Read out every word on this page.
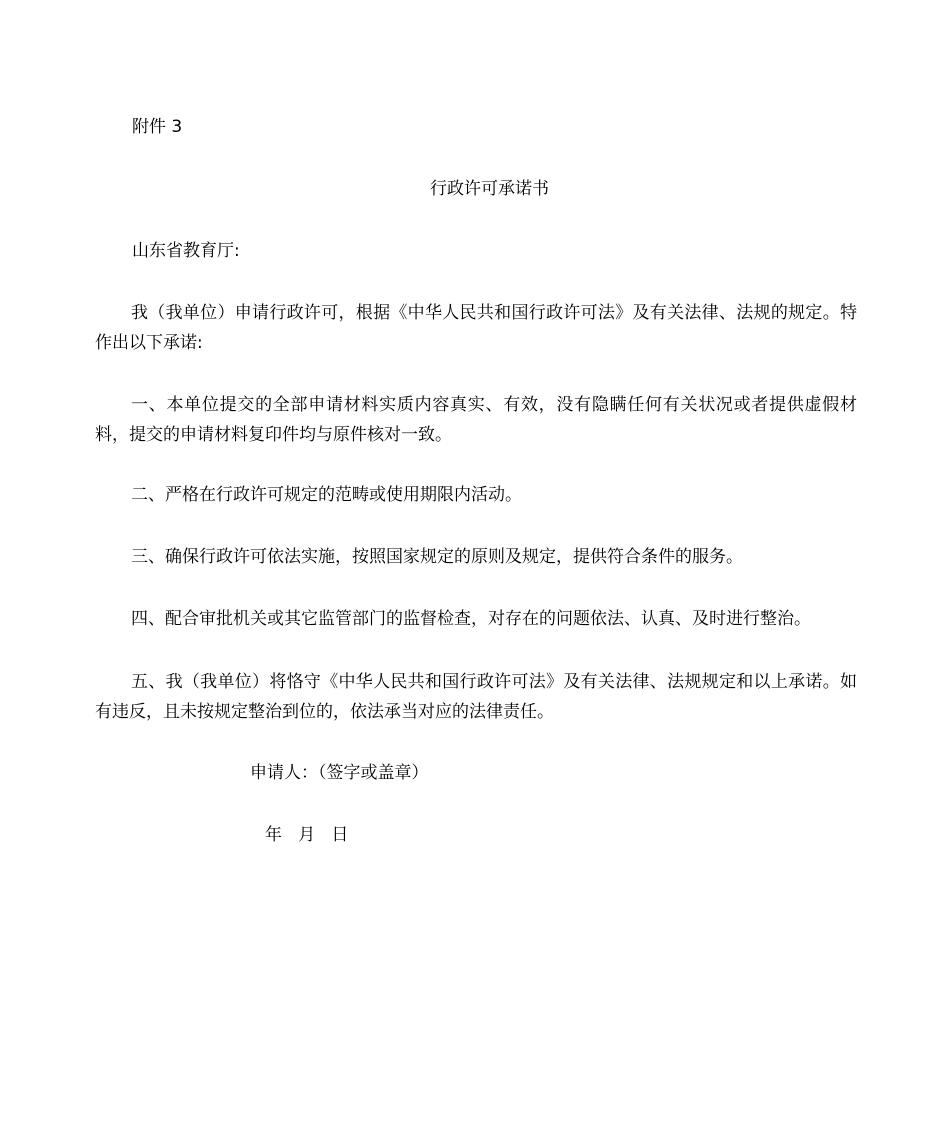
附件 3
行政许可承诺书
山东省教育厅:
我（我单位）申请行政许可，根据《中华人民共和国行政许可法》及有关法律、法规的规定。特作出以下承诺:
一、本单位提交的全部申请材料实质内容真实、有效，没有隐瞒任何有关状况或者提供虚假材料，提交的申请材料复印件均与原件核对一致。
二、严格在行政许可规定的范畴或使用期限内活动。
三、确保行政许可依法实施，按照国家规定的原则及规定，提供符合条件的服务。
四、配合审批机关或其它监管部门的监督检查，对存在的问题依法、认真、及时进行整治。
五、我（我单位）将恪守《中华人民共和国行政许可法》及有关法律、法规规定和以上承诺。如有违反，且未按规定整治到位的，依法承当对应的法律责任。
申请人：（签字或盖章）
年   月   日
